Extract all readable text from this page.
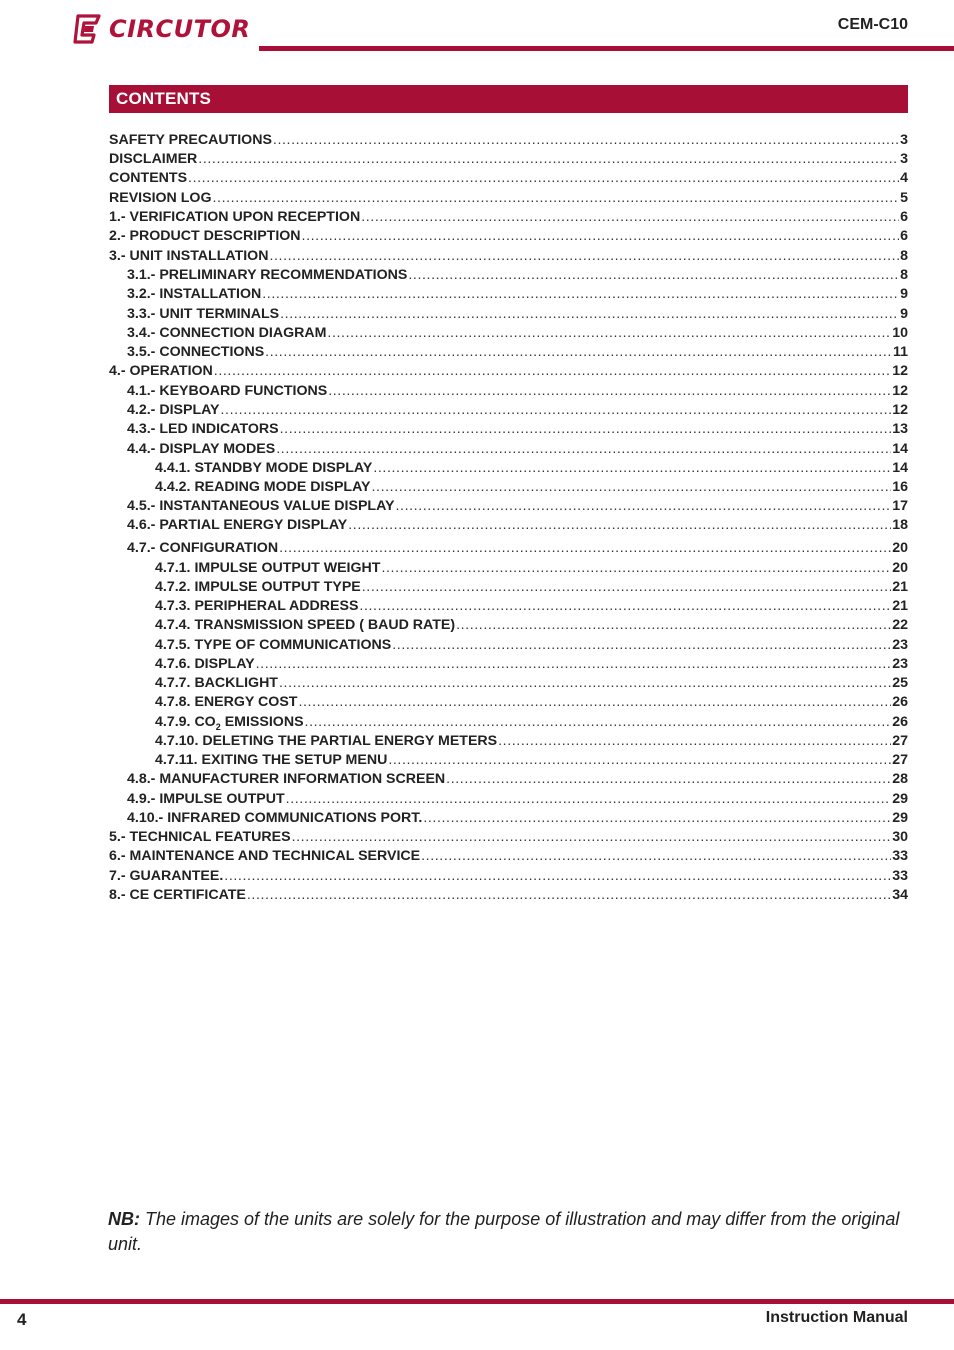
CIRCUTOR	CEM-C10
CONTENTS
SAFETY PRECAUTIONS .....	3
DISCLAIMER .....	3
CONTENTS .....	4
REVISION LOG .....	5
1.- VERIFICATION UPON RECEPTION .....	6
2.- PRODUCT DESCRIPTION .....	6
3.- UNIT INSTALLATION .....	8
3.1.- PRELIMINARY RECOMMENDATIONS .....	8
3.2.- INSTALLATION .....	9
3.3.- UNIT TERMINALS .....	9
3.4.- CONNECTION DIAGRAM .....	10
3.5.- CONNECTIONS .....	11
4.- OPERATION .....	12
4.1.- KEYBOARD FUNCTIONS .....	12
4.2.- DISPLAY .....	12
4.3.- LED INDICATORS .....	13
4.4.- DISPLAY MODES .....	14
4.4.1. STANDBY MODE DISPLAY .....	14
4.4.2. READING MODE DISPLAY .....	16
4.5.- INSTANTANEOUS VALUE DISPLAY .....	17
4.6.- PARTIAL ENERGY DISPLAY .....	18
4.7.- CONFIGURATION .....	20
4.7.1. IMPULSE OUTPUT WEIGHT .....	20
4.7.2. IMPULSE OUTPUT TYPE .....	21
4.7.3. PERIPHERAL ADDRESS .....	21
4.7.4. TRANSMISSION SPEED ( BAUD RATE) .....	22
4.7.5. TYPE OF COMMUNICATIONS .....	23
4.7.6. DISPLAY .....	23
4.7.7. BACKLIGHT .....	25
4.7.8. ENERGY COST .....	26
4.7.9. $CO_2$ EMISSIONS .....	26
4.7.10. DELETING THE PARTIAL ENERGY METERS .....	27
4.7.11. EXITING THE SETUP MENU .....	27
4.8.- MANUFACTURER INFORMATION SCREEN .....	28
4.9.- IMPULSE OUTPUT .....	29
4.10.- INFRARED COMMUNICATIONS PORT. .....	29
5.- TECHNICAL FEATURES .....	30
6.- MAINTENANCE AND TECHNICAL SERVICE .....	33
7.- GUARANTEE. .....	33
8.- CE CERTIFICATE .....	34
NB: The images of the units are solely for the purpose of illustration and may differ from the original unit.
4	Instruction Manual
